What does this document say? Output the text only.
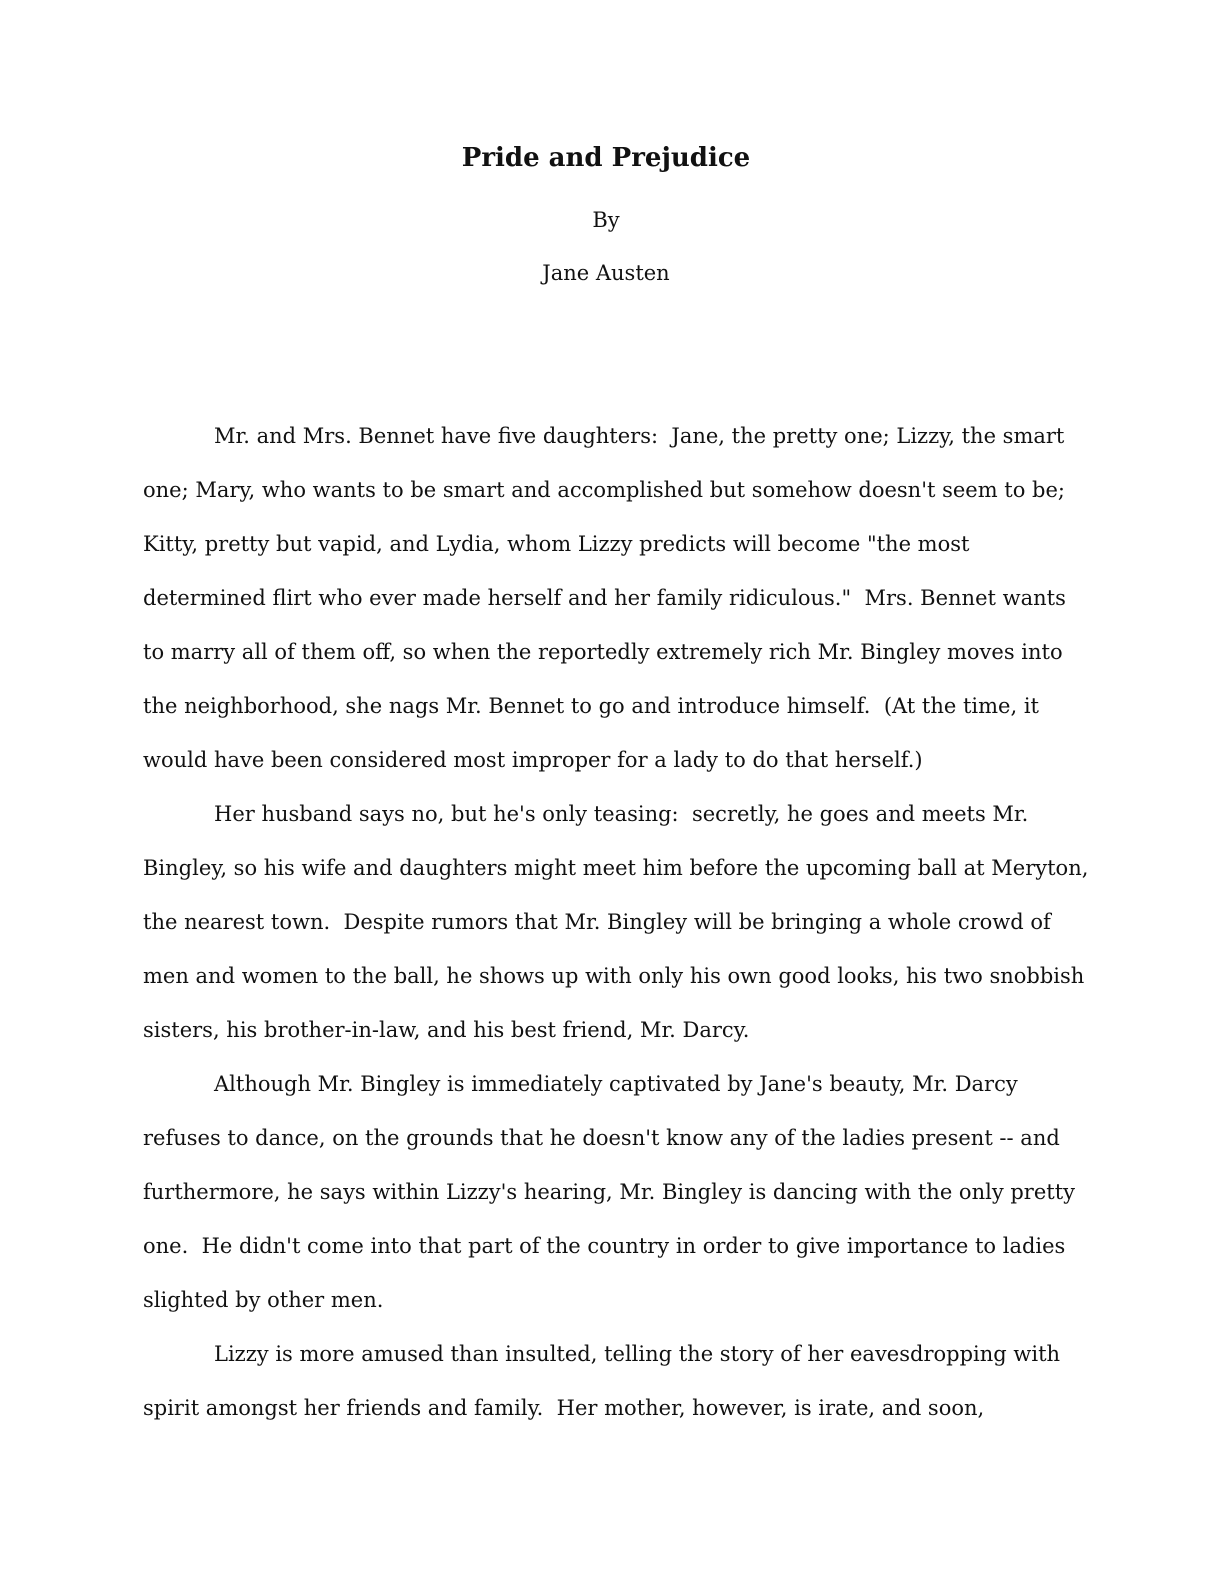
Pride and Prejudice
By
Jane Austen

Mr. and Mrs. Bennet have five daughters:  Jane, the pretty one; Lizzy, the smart
one; Mary, who wants to be smart and accomplished but somehow doesn't seem to be;
Kitty, pretty but vapid, and Lydia, whom Lizzy predicts will become "the most
determined flirt who ever made herself and her family ridiculous."  Mrs. Bennet wants
to marry all of them off, so when the reportedly extremely rich Mr. Bingley moves into
the neighborhood, she nags Mr. Bennet to go and introduce himself.  (At the time, it
would have been considered most improper for a lady to do that herself.)

Her husband says no, but he's only teasing:  secretly, he goes and meets Mr.
Bingley, so his wife and daughters might meet him before the upcoming ball at Meryton,
the nearest town.  Despite rumors that Mr. Bingley will be bringing a whole crowd of
men and women to the ball, he shows up with only his own good looks, his two snobbish
sisters, his brother-in-law, and his best friend, Mr. Darcy.

Although Mr. Bingley is immediately captivated by Jane's beauty, Mr. Darcy
refuses to dance, on the grounds that he doesn't know any of the ladies present -- and
furthermore, he says within Lizzy's hearing, Mr. Bingley is dancing with the only pretty
one.  He didn't come into that part of the country in order to give importance to ladies
slighted by other men.

Lizzy is more amused than insulted, telling the story of her eavesdropping with
spirit amongst her friends and family.  Her mother, however, is irate, and soon,
